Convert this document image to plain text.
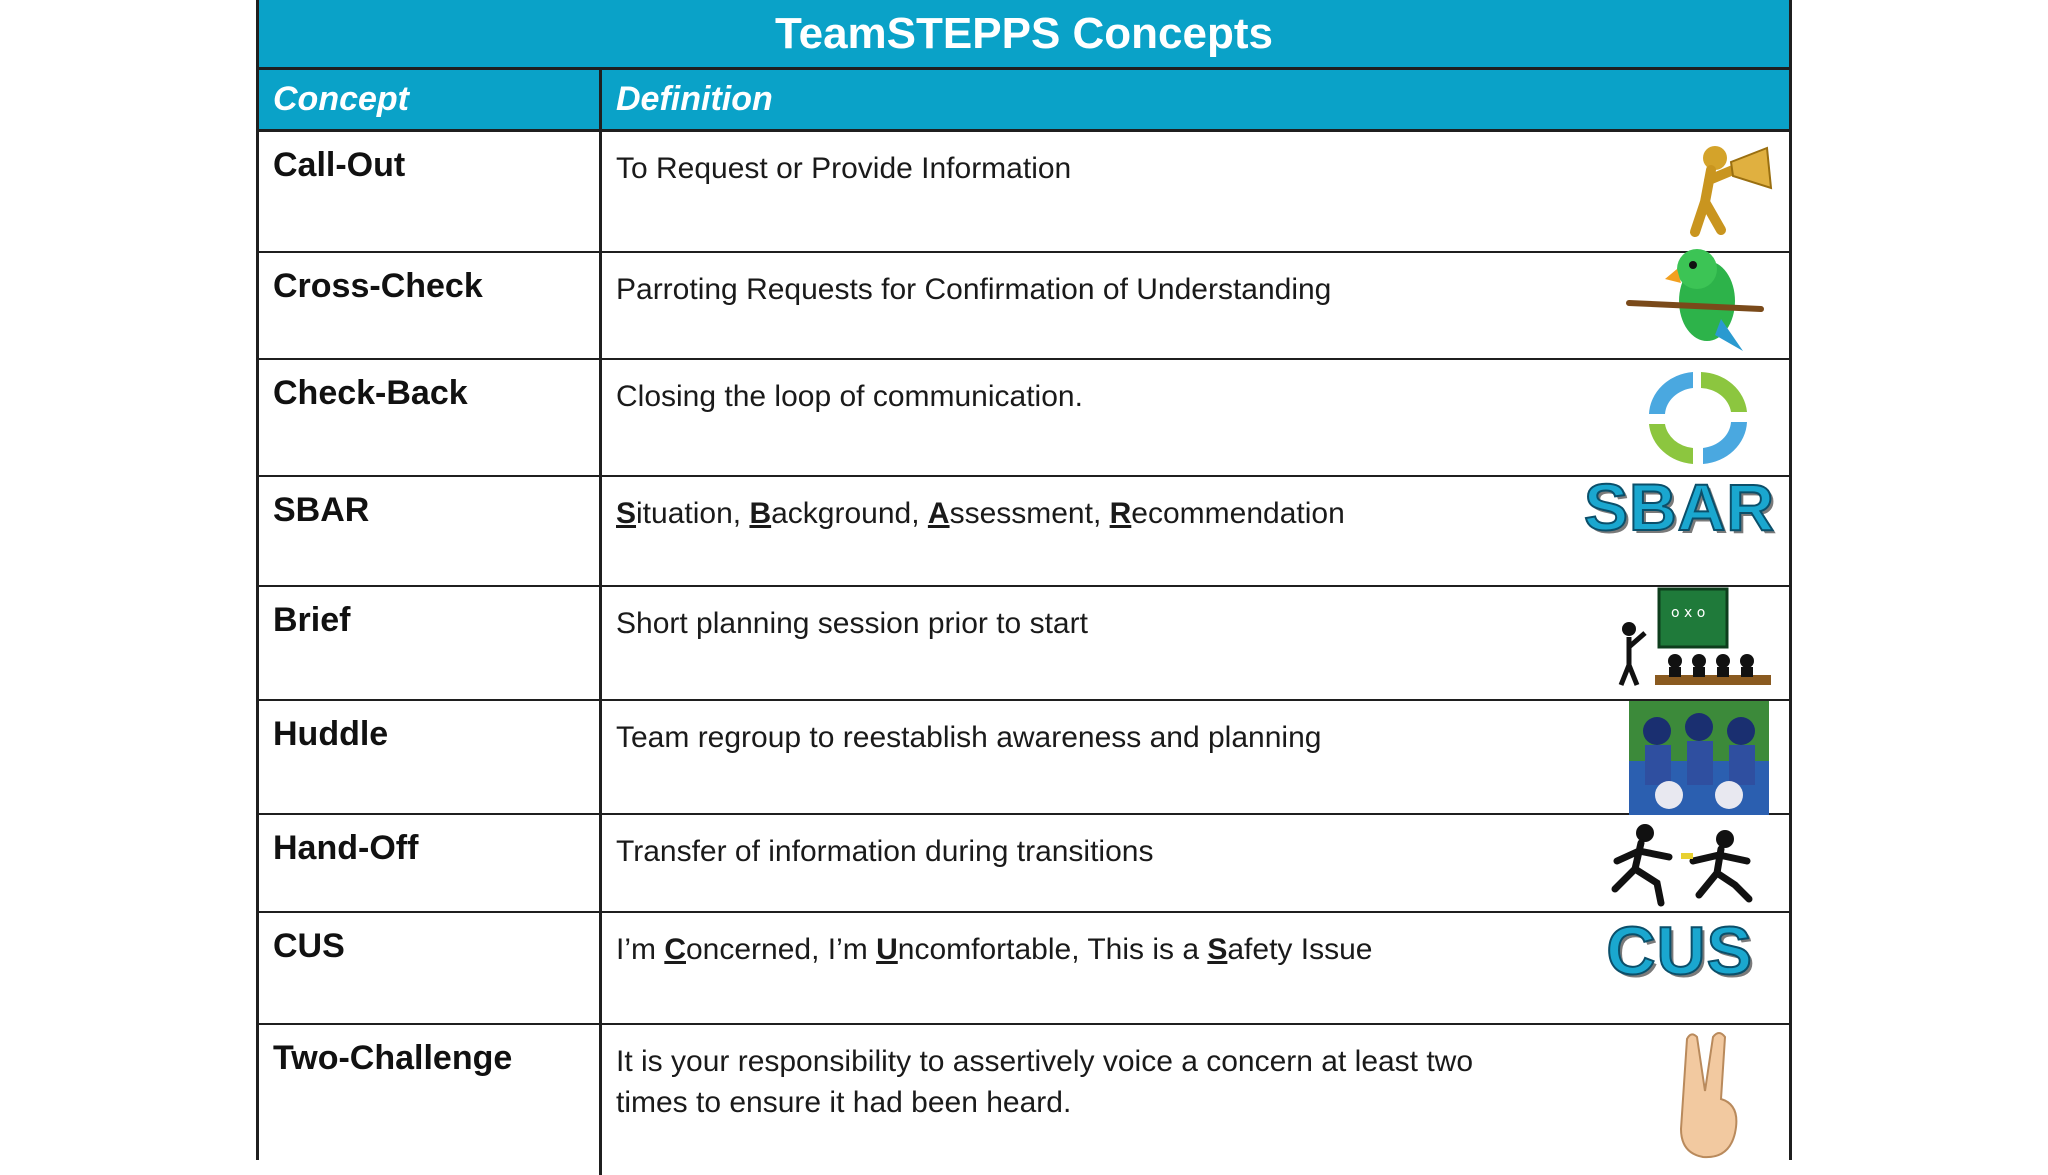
TeamSTEPPS Concepts
Concept	Definition
Call-Out	To Request or Provide Information
Cross-Check	Parroting Requests for Confirmation of Understanding
Check-Back	Closing the loop of communication.
SBAR	Situation, Background, Assessment, Recommendation	SBAR
Brief	Short planning session prior to start	o x o
Huddle	Team regroup to reestablish awareness and planning
Hand-Off	Transfer of information during transitions
CUS	I’m Concerned, I’m Uncomfortable, This is a Safety Issue	CUS
Two-Challenge	It is your responsibility to assertively voice a concern at least two times to ensure it had been heard.
